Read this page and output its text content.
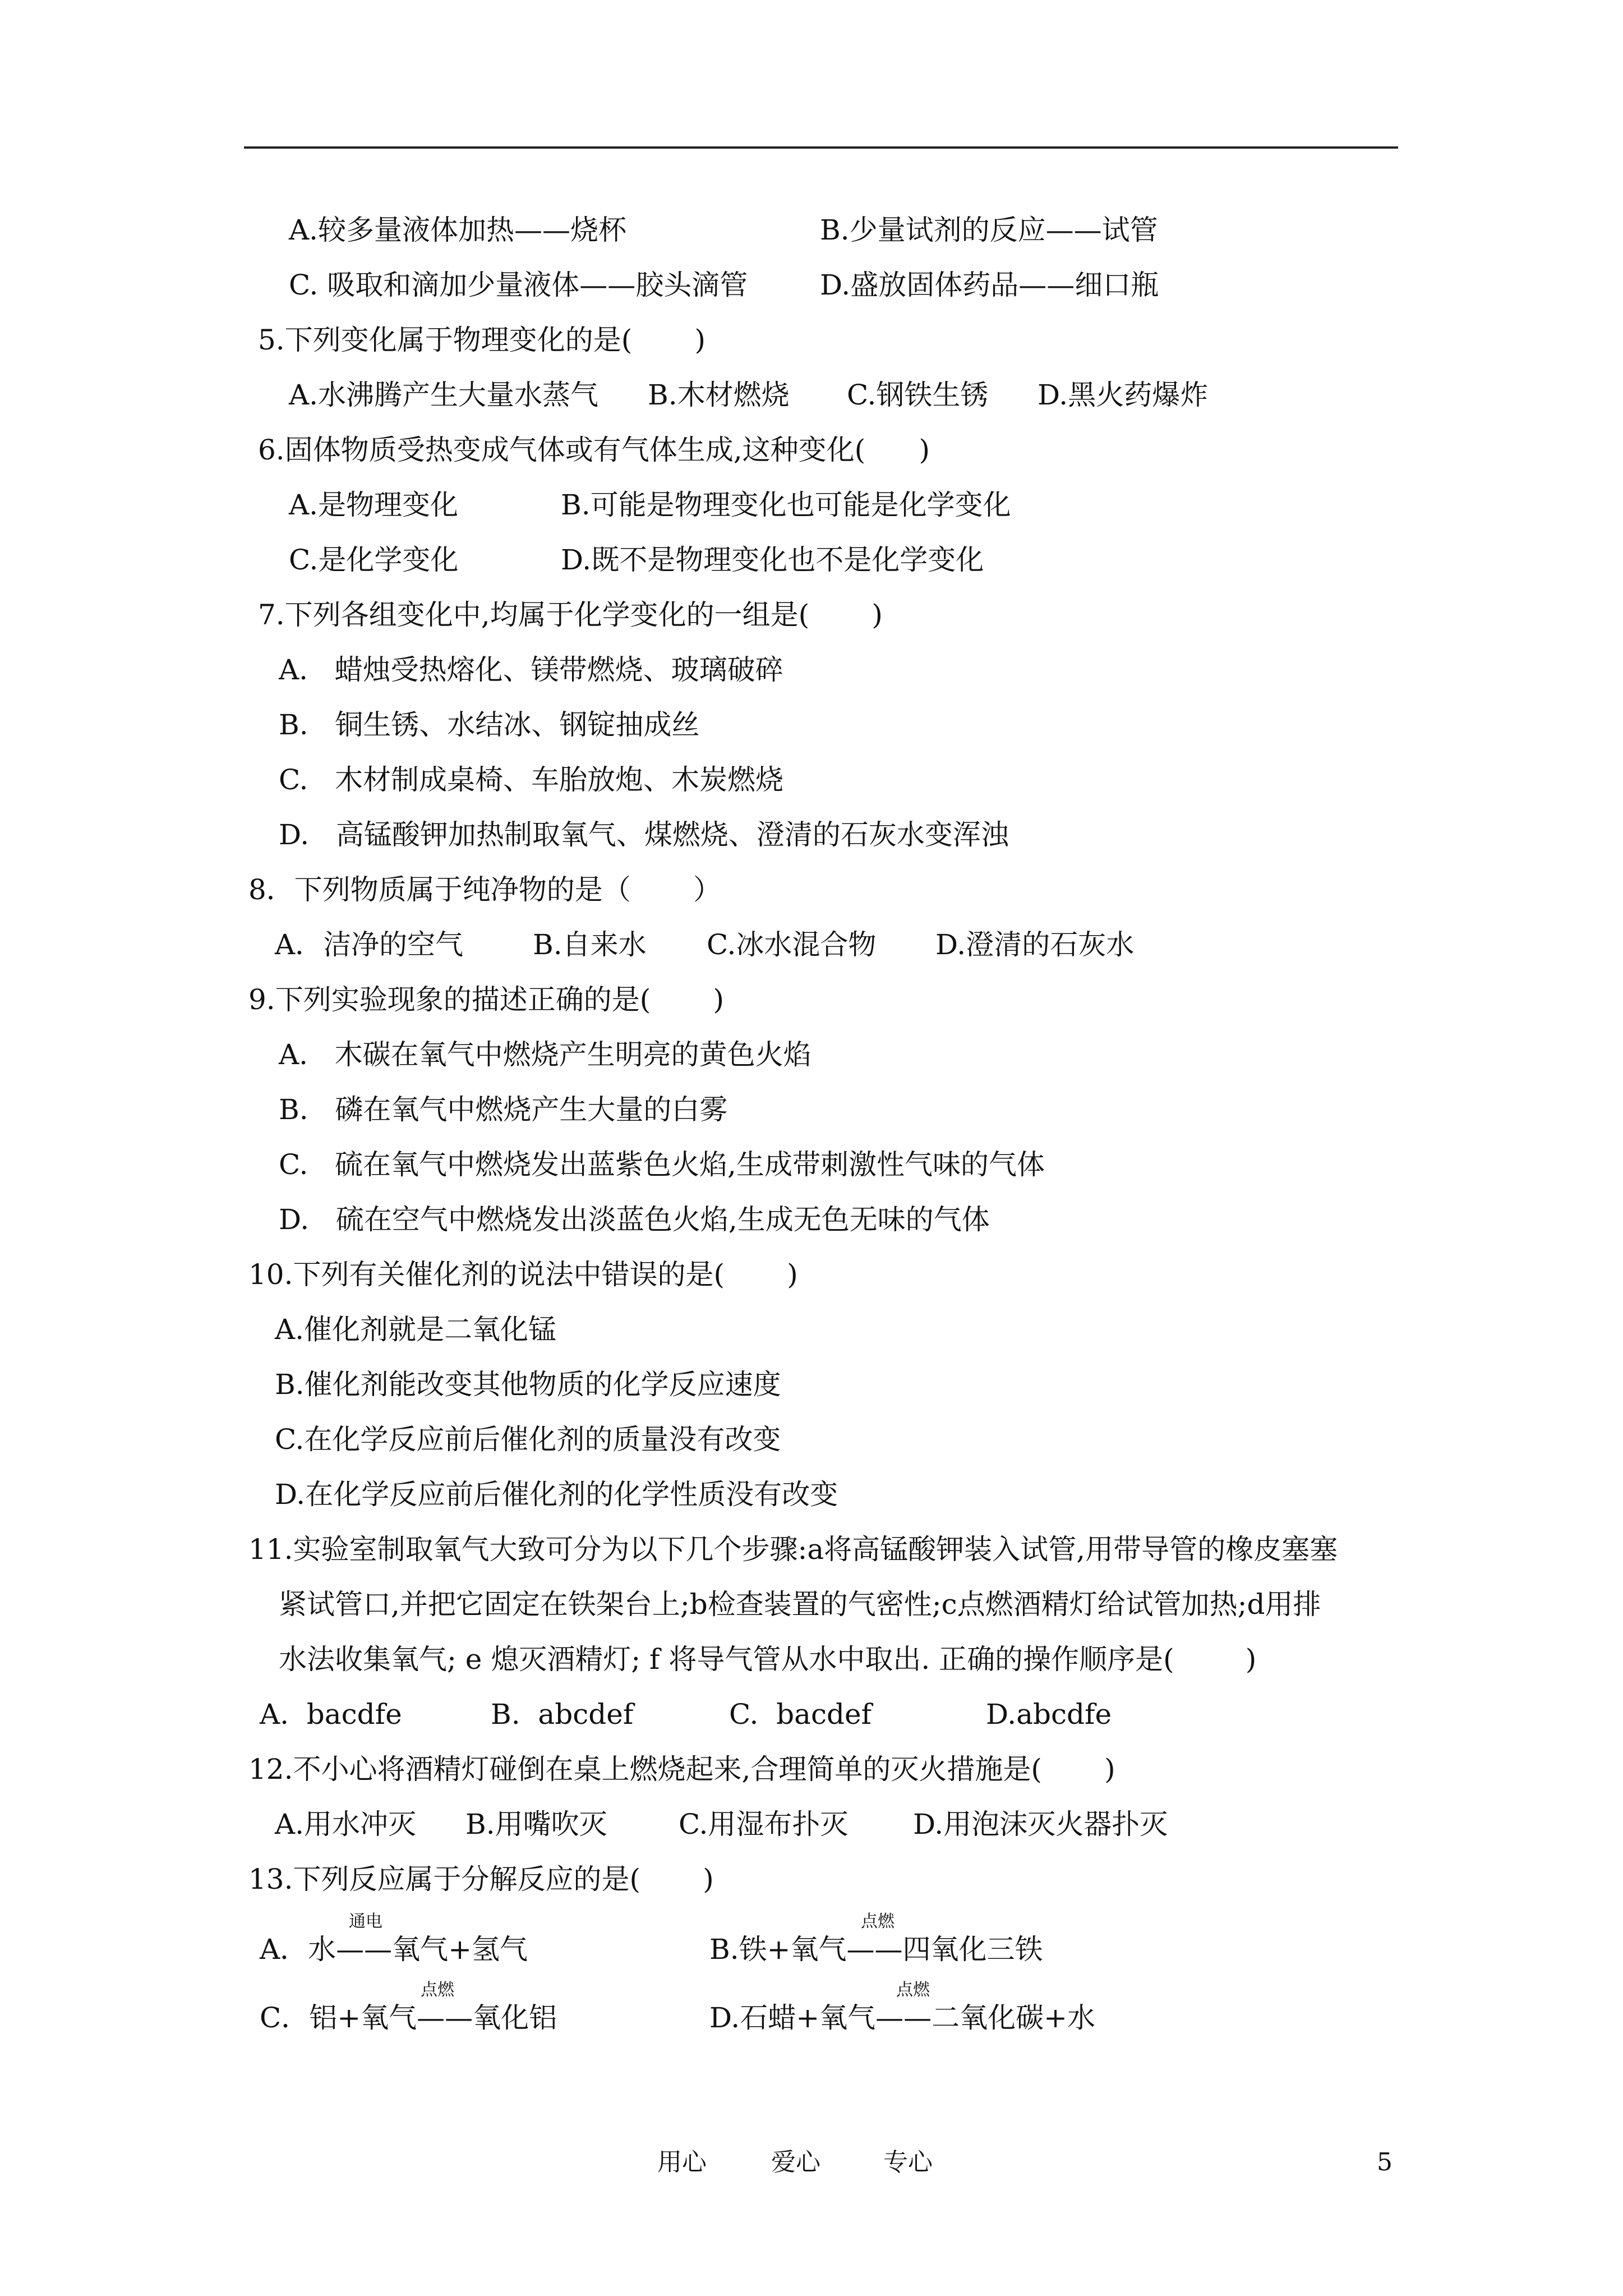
A.较多量液体加热——烧杯	B.少量试剂的反应——试管
C. 吸取和滴加少量液体——胶头滴管	D.盛放固体药品——细口瓶
5.下列变化属于物理变化的是(       )
A.水沸腾产生大量水蒸气 B.木材燃烧 C.钢铁生锈 D.黑火药爆炸
6.固体物质受热变成气体或有气体生成,这种变化(      )
A.是物理变化	B.可能是物理变化也可能是化学变化
C.是化学变化	D.既不是物理变化也不是化学变化
7.下列各组变化中,均属于化学变化的一组是(       )
A.   蜡烛受热熔化、镁带燃烧、玻璃破碎
B.   铜生锈、水结冰、钢锭抽成丝
C.   木材制成桌椅、车胎放炮、木炭燃烧
D.   高锰酸钾加热制取氧气、煤燃烧、澄清的石灰水变浑浊
8．下列物质属于纯净物的是（       ）
A．洁净的空气 B.自来水 C.冰水混合物 D.澄清的石灰水
9.下列实验现象的描述正确的是(       )
A.   木碳在氧气中燃烧产生明亮的黄色火焰
B.   磷在氧气中燃烧产生大量的白雾
C.   硫在氧气中燃烧发出蓝紫色火焰,生成带刺激性气味的气体
D.   硫在空气中燃烧发出淡蓝色火焰,生成无色无味的气体
10.下列有关催化剂的说法中错误的是(       )
A.催化剂就是二氧化锰
B.催化剂能改变其他物质的化学反应速度
C.在化学反应前后催化剂的质量没有改变
D.在化学反应前后催化剂的化学性质没有改变
11.实验室制取氧气大致可分为以下几个步骤:a将高锰酸钾装入试管,用带导管的橡皮塞塞
紧试管口,并把它固定在铁架台上;b检查装置的气密性;c点燃酒精灯给试管加热;d用排
水法收集氧气; e 熄灭酒精灯; f 将导气管从水中取出. 正确的操作顺序是(        )
A.  bacdfe	B.  abcdef	C.  bacdef	D.abcdfe
12.不小心将酒精灯碰倒在桌上燃烧起来,合理简单的灭火措施是(       )
A.用水冲灭 B.用嘴吹灭	C.用湿布扑灭 D.用泡沫灭火器扑灭
13.下列反应属于分解反应的是(       )
通电
A．水——氧气+氢气
点燃
B.铁+氧气——四氧化三铁
点燃
C．铝+氧气——氧化铝
点燃
D.石蜡+氧气——二氧化碳+水
用心	爱心	专心	5
